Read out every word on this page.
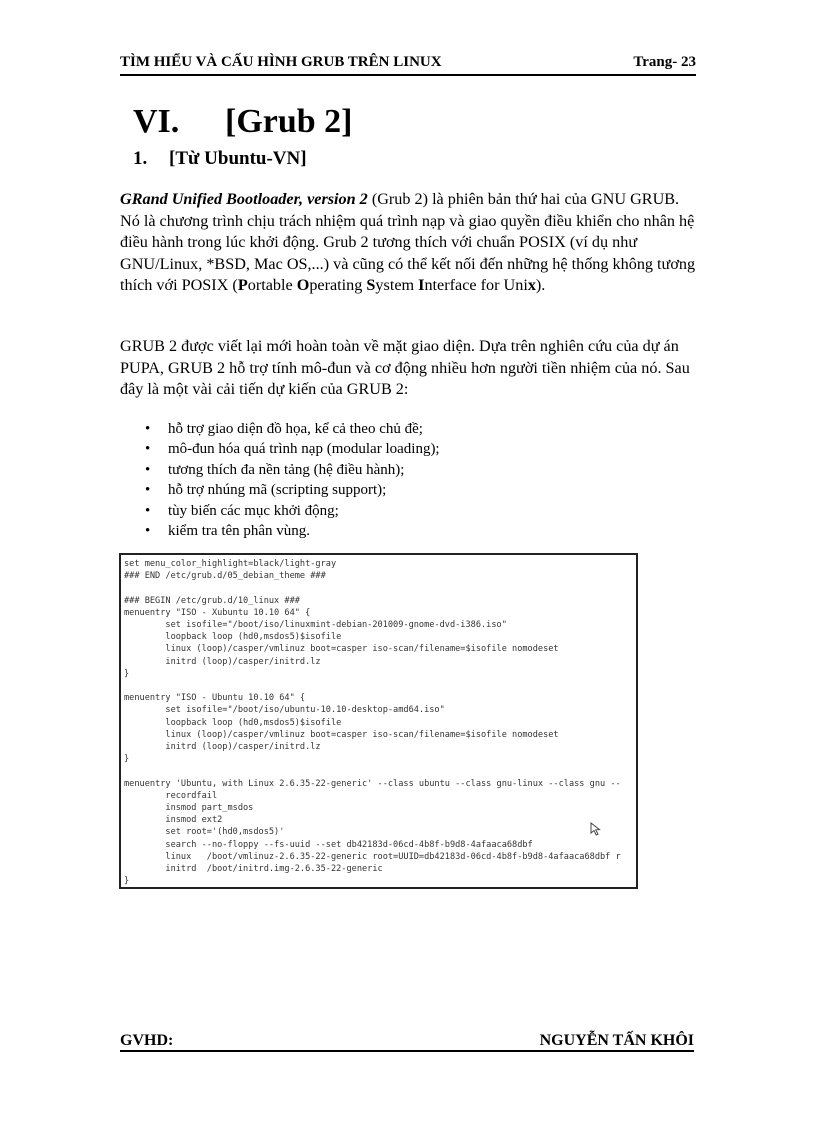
TÌM HIỂU VÀ CẤU HÌNH GRUB TRÊN LINUX	Trang- 23
VI. [Grub 2]
1. [Từ Ubuntu-VN]
GRand Unified Bootloader, version 2 (Grub 2) là phiên bản thứ hai của GNU GRUB. Nó là chương trình chịu trách nhiệm quá trình nạp và giao quyền điều khiển cho nhân hệ điều hành trong lúc khởi động. Grub 2 tương thích với chuẩn POSIX (ví dụ như GNU/Linux, *BSD, Mac OS,...) và cũng có thể kết nối đến những hệ thống không tương thích với POSIX (Portable Operating System Interface for Unix).
GRUB 2 được viết lại mới hoàn toàn về mặt giao diện. Dựa trên nghiên cứu của dự án PUPA, GRUB 2 hỗ trợ tính mô-đun và cơ động nhiều hơn người tiền nhiệm của nó. Sau đây là một vài cải tiến dự kiến của GRUB 2:
• hỗ trợ giao diện đồ họa, kể cả theo chủ đề;
• mô-đun hóa quá trình nạp (modular loading);
• tương thích đa nền tảng (hệ điều hành);
• hỗ trợ nhúng mã (scripting support);
• tùy biến các mục khởi động;
• kiểm tra tên phân vùng.
set menu_color_highlight=black/light-gray
### END /etc/grub.d/05_debian_theme ###

### BEGIN /etc/grub.d/10_linux ###
menuentry "ISO - Xubuntu 10.10 64" {
set isofile="/boot/iso/linuxmint-debian-201009-gnome-dvd-i386.iso"
loopback loop (hd0,msdos5)$isofile
linux (loop)/casper/vmlinuz boot=casper iso-scan/filename=$isofile nomodeset
initrd (loop)/casper/initrd.lz
}

menuentry "ISO - Ubuntu 10.10 64" {
set isofile="/boot/iso/ubuntu-10.10-desktop-amd64.iso"
loopback loop (hd0,msdos5)$isofile
linux (loop)/casper/vmlinuz boot=casper iso-scan/filename=$isofile nomodeset
initrd (loop)/casper/initrd.lz
}

menuentry 'Ubuntu, with Linux 2.6.35-22-generic' --class ubuntu --class gnu-linux --class gnu --
recordfail
insmod part_msdos
insmod ext2
set root='(hd0,msdos5)'
search --no-floppy --fs-uuid --set db42183d-06cd-4b8f-b9d8-4afaaca68dbf
linux   /boot/vmlinuz-2.6.35-22-generic root=UUID=db42183d-06cd-4b8f-b9d8-4afaaca68dbf r
initrd  /boot/initrd.img-2.6.35-22-generic
}
GVHD:	NGUYỄN TẤN KHÔI
